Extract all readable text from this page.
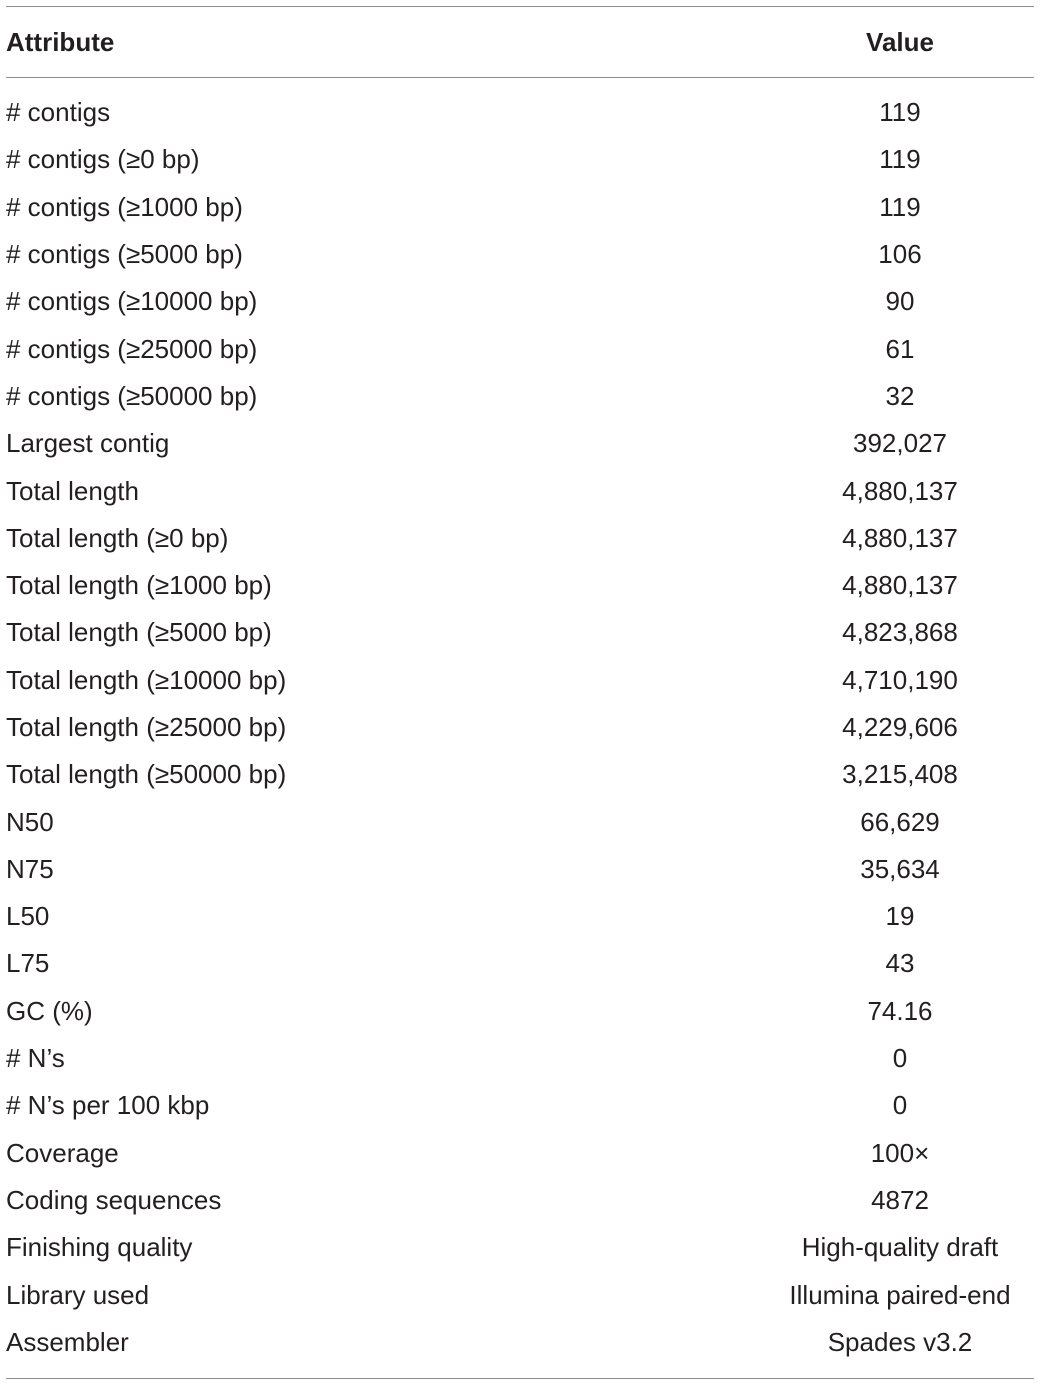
Attribute	Value
# contigs	119
# contigs (≥0 bp)	119
# contigs (≥1000 bp)	119
# contigs (≥5000 bp)	106
# contigs (≥10000 bp)	90
# contigs (≥25000 bp)	61
# contigs (≥50000 bp)	32
Largest contig	392,027
Total length	4,880,137
Total length (≥0 bp)	4,880,137
Total length (≥1000 bp)	4,880,137
Total length (≥5000 bp)	4,823,868
Total length (≥10000 bp)	4,710,190
Total length (≥25000 bp)	4,229,606
Total length (≥50000 bp)	3,215,408
N50	66,629
N75	35,634
L50	19
L75	43
GC (%)	74.16
# N’s	0
# N’s per 100 kbp	0
Coverage	100×
Coding sequences	4872
Finishing quality	High-quality draft
Library used	Illumina paired-end
Assembler	Spades v3.2
